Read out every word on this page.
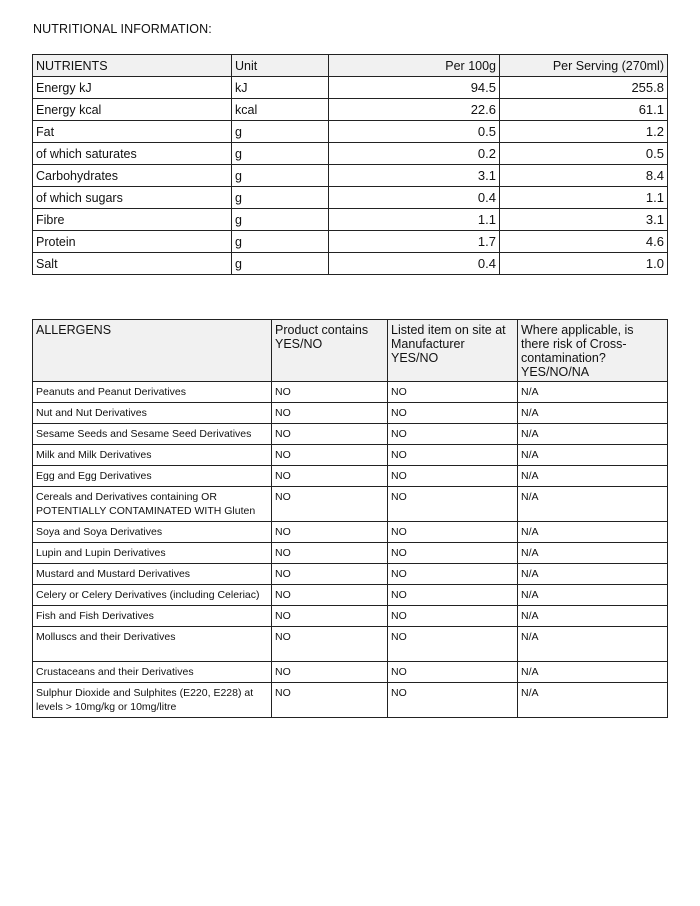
NUTRITIONAL INFORMATION:
NUTRIENTS	Unit	Per 100g	Per Serving (270ml)
Energy kJ	kJ	94.5	255.8
Energy kcal	kcal	22.6	61.1
Fat	g	0.5	1.2
of which saturates	g	0.2	0.5
Carbohydrates	g	3.1	8.4
of which sugars	g	0.4	1.1
Fibre	g	1.1	3.1
Protein	g	1.7	4.6
Salt	g	0.4	1.0
ALLERGENS	Product contains YES/NO	Listed item on site at Manufacturer YES/NO	Where applicable, is there risk of Cross-contamination? YES/NO/NA
Peanuts and Peanut Derivatives	NO	NO	N/A
Nut and Nut Derivatives	NO	NO	N/A
Sesame Seeds and Sesame Seed Derivatives	NO	NO	N/A
Milk and Milk Derivatives	NO	NO	N/A
Egg and Egg Derivatives	NO	NO	N/A
Cereals and Derivatives containing OR POTENTIALLY CONTAMINATED WITH Gluten	NO	NO	N/A
Soya and Soya Derivatives	NO	NO	N/A
Lupin and Lupin Derivatives	NO	NO	N/A
Mustard and Mustard Derivatives	NO	NO	N/A
Celery or Celery Derivatives (including Celeriac)	NO	NO	N/A
Fish and Fish Derivatives	NO	NO	N/A
Molluscs and their Derivatives	NO	NO	N/A
Crustaceans and their Derivatives	NO	NO	N/A
Sulphur Dioxide and Sulphites (E220, E228) at levels > 10mg/kg or 10mg/litre	NO	NO	N/A
